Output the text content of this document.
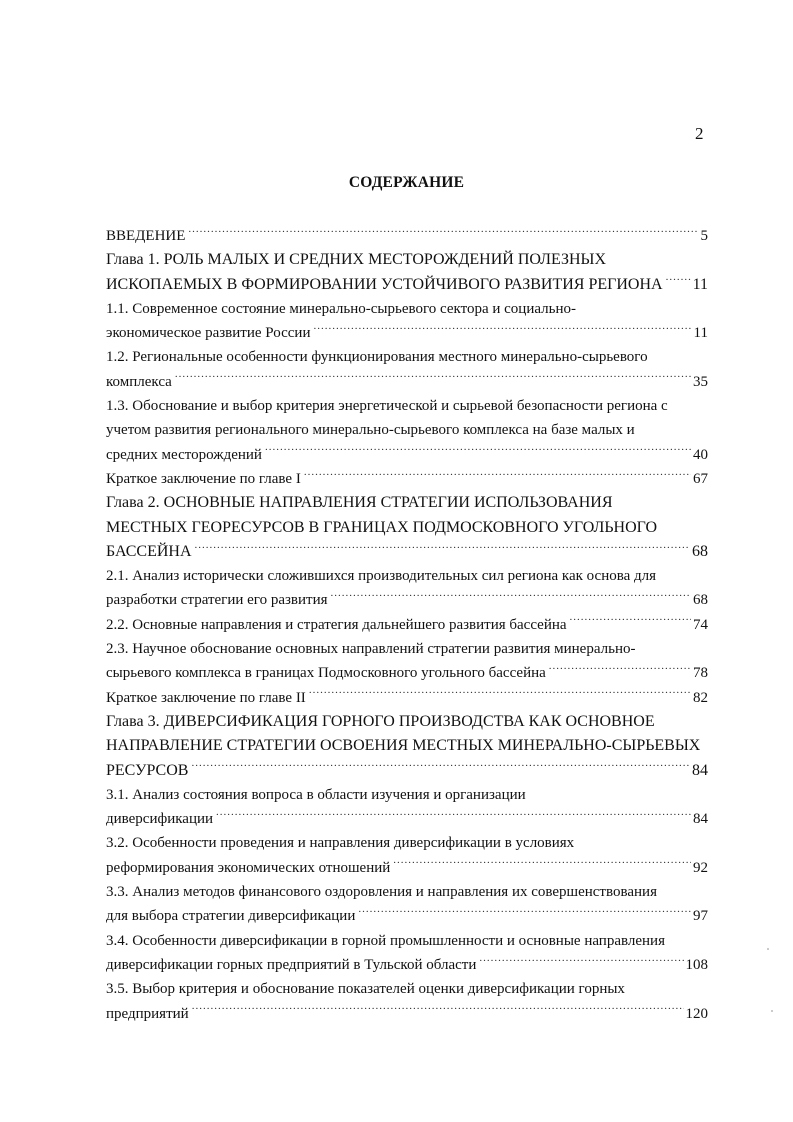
2
СОДЕРЖАНИЕ
ВВЕДЕНИЕ .....	5
Глава 1. РОЛЬ МАЛЫХ И СРЕДНИХ МЕСТОРОЖДЕНИЙ ПОЛЕЗНЫХ
ИСКОПАЕМЫХ В ФОРМИРОВАНИИ УСТОЙЧИВОГО РАЗВИТИЯ РЕГИОНА ..... 11
1.1. Современное состояние минерально-сырьевого сектора и социально-
экономическое развитие России .....	11
1.2. Региональные особенности функционирования местного минерально-сырьевого
комплекса .....	35
1.3. Обоснование и выбор критерия энергетической и сырьевой безопасности региона с
учетом развития регионального минерально-сырьевого комплекса на базе малых и
средних месторождений .....	40
Краткое заключение по главе I .....	67
Глава 2. ОСНОВНЫЕ НАПРАВЛЕНИЯ СТРАТЕГИИ ИСПОЛЬЗОВАНИЯ
МЕСТНЫХ ГЕОРЕСУРСОВ В ГРАНИЦАХ ПОДМОСКОВНОГО УГОЛЬНОГО
БАССЕЙНА .....	68
2.1. Анализ исторически сложившихся производительных сил региона как основа для
разработки стратегии его развития .....	68
2.2. Основные направления и стратегия дальнейшего развития бассейна .....	74
2.3. Научное обоснование основных направлений стратегии развития минерально-
сырьевого комплекса в границах Подмосковного угольного бассейна .....	78
Краткое заключение по главе II .....	82
Глава 3. ДИВЕРСИФИКАЦИЯ ГОРНОГО ПРОИЗВОДСТВА КАК ОСНОВНОЕ
НАПРАВЛЕНИЕ СТРАТЕГИИ ОСВОЕНИЯ МЕСТНЫХ МИНЕРАЛЬНО-СЫРЬЕВЫХ
РЕСУРСОВ .....	84
3.1. Анализ состояния вопроса в области изучения и организации
диверсификации .....	84
3.2. Особенности проведения и направления диверсификации в условиях
реформирования экономических отношений .....	92
3.3. Анализ методов финансового оздоровления и направления их совершенствования
для выбора стратегии диверсификации .....	97
3.4. Особенности диверсификации в горной промышленности и основные направления
диверсификации горных предприятий в Тульской области .....	108
3.5. Выбор критерия и обоснование показателей оценки диверсификации горных
предприятий .....	120
